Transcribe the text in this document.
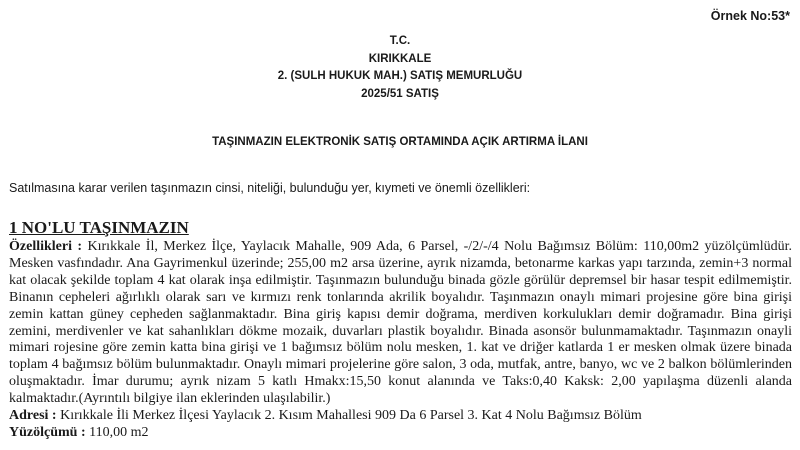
Örnek No:53*
T.C.
KIRIKKALE
2. (SULH HUKUK MAH.) SATIŞ MEMURLUĞU
2025/51 SATIŞ
TAŞINMAZIN ELEKTRONİK SATIŞ ORTAMINDA AÇIK ARTIRMA İLANI
Satılmasına karar verilen taşınmazın cinsi, niteliği, bulunduğu yer, kıymeti ve önemli özellikleri:
1 NO'LU TAŞINMAZIN

Özellikleri : Kırıkkale İl, Merkez İlçe, Yaylacık Mahalle, 909 Ada, 6 Parsel, -/2/-/4 Nolu Bağımsız Bölüm: 110,00m2 yüzölçümlüdür. Mesken vasfındadır. Ana Gayrimenkul üzerinde; 255,00 m2 arsa üzerine, ayrık nizamda, betonarme karkas yapı tarzında, zemin+3 normal kat olacak şekilde toplam 4 kat olarak inşa edilmiştir. Taşınmazın bulunduğu binada gözle görülür depremsel bir hasar tespit edilmemiştir. Binanın cepheleri ağırlıklı olarak sarı ve kırmızı renk tonlarında akrilik boyalıdır. Taşınmazın onaylı mimari projesine göre bina girişi zemin kattan güney cepheden sağlanmaktadır. Bina giriş kapısı demir doğrama, merdiven korkulukları demir doğramadır. Bina girişi zemini, merdivenler ve kat sahanlıkları dökme mozaik, duvarları plastik boyalıdır. Binada asonsör bulunmamaktadır. Taşınmazın onayli mimari rojesine göre zemin katta bina girişi ve 1 bağımsız bölüm nolu mesken, 1. kat ve driğer katlarda 1 er mesken olmak üzere binada toplam 4 bağımsız bölüm bulunmaktadır. Onaylı mimari projelerine göre salon, 3 oda, mutfak, antre, banyo, wc ve 2 balkon bölümlerinden oluşmaktadır. İmar durumu; ayrık nizam 5 katlı Hmakx:15,50 konut alanında ve Taks:0,40 Kaksk: 2,00 yapılaşma düzenli alanda kalmaktadır.(Ayrıntılı bilgiye ilan eklerinden ulaşılabilir.)

Adresi : Kırıkkale İli Merkez İlçesi Yaylacık 2. Kısım Mahallesi 909 Da 6 Parsel 3. Kat 4 Nolu Bağımsız Bölüm

Yüzölçümü : 110,00 m2
